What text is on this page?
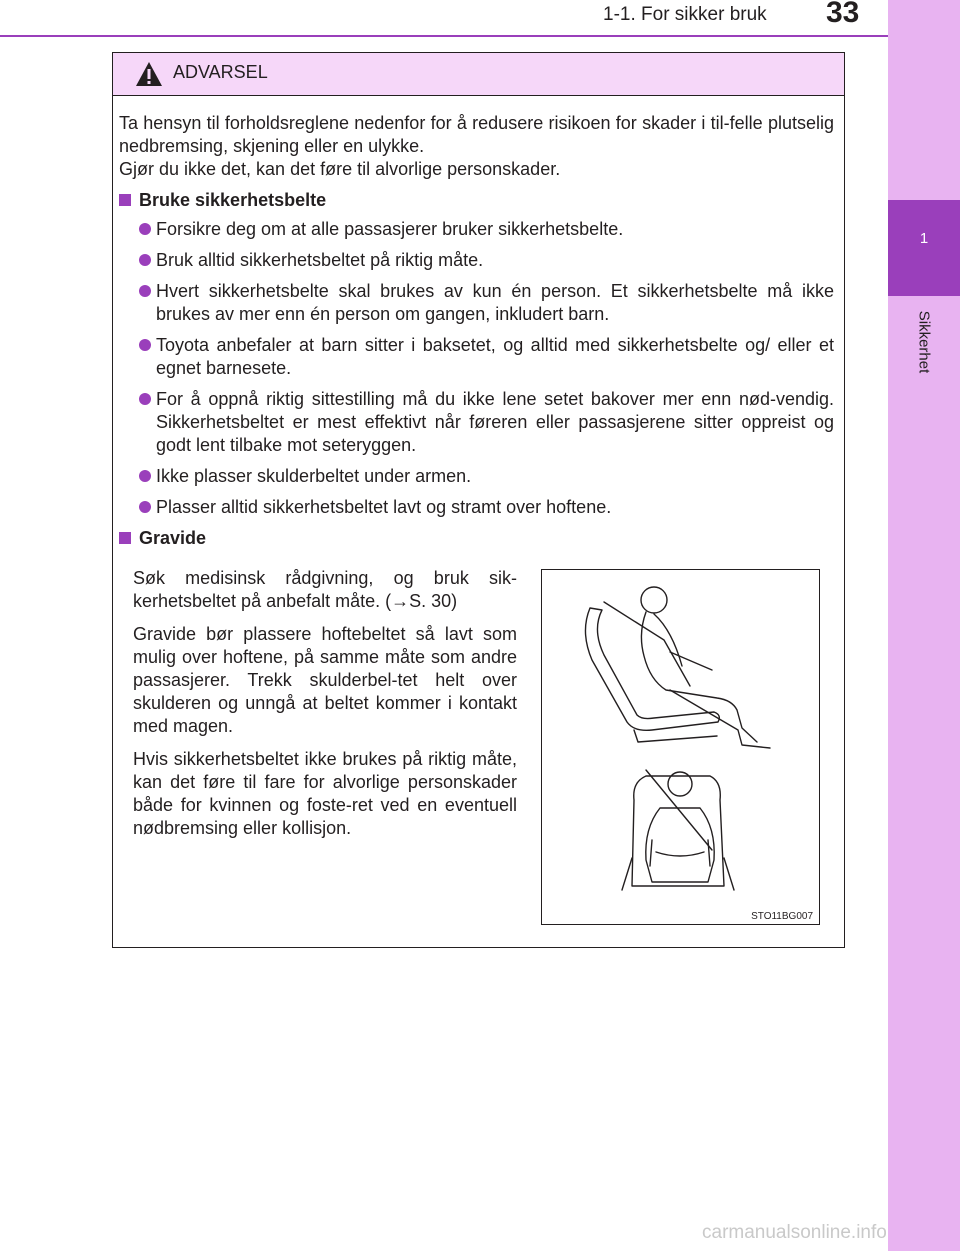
1
Sikkerhet
1-1. For sikker bruk 33
ADVARSEL

Ta hensyn til forholdsreglene nedenfor for å redusere risikoen for skader i til-felle plutselig nedbremsing, skjening eller en ulykke.

Gjør du ikke det, kan det føre til alvorlige personskader.

Bruke sikkerhetsbelte
Forsikre deg om at alle passasjerer bruker sikkerhetsbelte.
Bruk alltid sikkerhetsbeltet på riktig måte.
Hvert sikkerhetsbelte skal brukes av kun én person. Et sikkerhetsbelte må ikke brukes av mer enn én person om gangen, inkludert barn.
Toyota anbefaler at barn sitter i baksetet, og alltid med sikkerhetsbelte og/ eller et egnet barnesete.
For å oppnå riktig sittestilling må du ikke lene setet bakover mer enn nød-vendig. Sikkerhetsbeltet er mest effektivt når føreren eller passasjerene sitter oppreist og godt lent tilbake mot seteryggen.
Ikke plasser skulderbeltet under armen.
Plasser alltid sikkerhetsbeltet lavt og stramt over hoftene.
Gravide

Søk medisinsk rådgivning, og bruk sik-kerhetsbeltet på anbefalt måte. (→S. 30)

Gravide bør plassere hoftebeltet så lavt som mulig over hoftene, på samme måte som andre passasjerer. Trekk skulderbel-tet helt over skulderen og unngå at beltet kommer i kontakt med magen.

Hvis sikkerhetsbeltet ikke brukes på riktig måte, kan det føre til fare for alvorlige personskader både for kvinnen og foste-ret ved en eventuell nødbremsing eller kollisjon.

STO11BG007
carmanualsonline.info
